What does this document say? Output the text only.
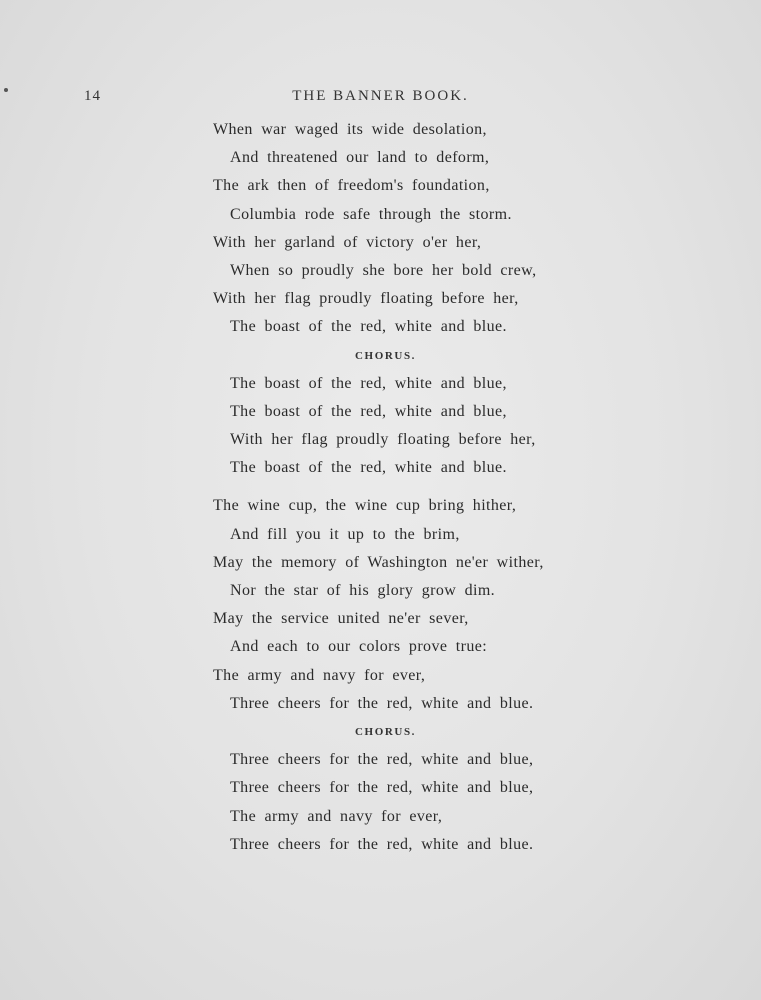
14	THE BANNER BOOK.
When war waged its wide desolation,
And threatened our land to deform,
The ark then of freedom's foundation,
Columbia rode safe through the storm.
With her garland of victory o'er her,
When so proudly she bore her bold crew,
With her flag proudly floating before her,
The boast of the red, white and blue.
CHORUS.
The boast of the red, white and blue,
The boast of the red, white and blue,
With her flag proudly floating before her,
The boast of the red, white and blue.
The wine cup, the wine cup bring hither,
And fill you it up to the brim,
May the memory of Washington ne'er wither,
Nor the star of his glory grow dim.
May the service united ne'er sever,
And each to our colors prove true:
The army and navy for ever,
Three cheers for the red, white and blue.
CHORUS.
Three cheers for the red, white and blue,
Three cheers for the red, white and blue,
The army and navy for ever,
Three cheers for the red, white and blue.
